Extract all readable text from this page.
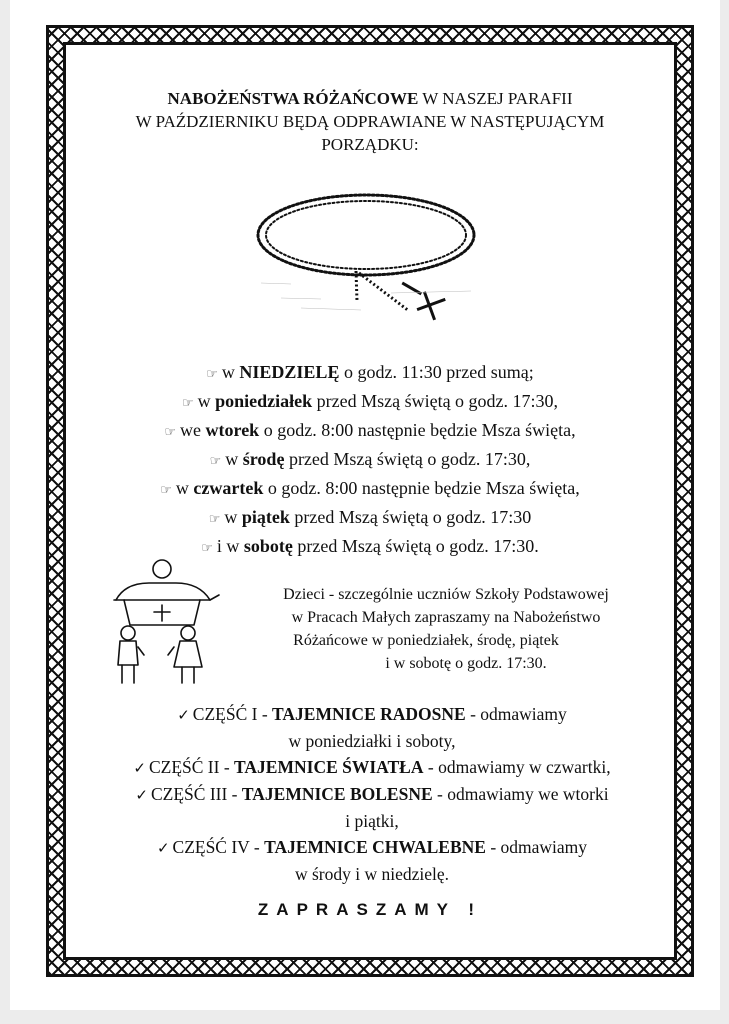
NABOŻEŃSTWA RÓŻAŃCOWE W NASZEJ PARAFII
W PAŹDZIERNIKU BĘDĄ ODPRAWIANE W NASTĘPUJĄCYM
PORZĄDKU:
☞ w NIEDZIELĘ o godz. 11:30 przed sumą;
☞ w poniedziałek przed Mszą świętą o godz. 17:30,
☞ we wtorek o godz. 8:00 następnie będzie Msza święta,
☞ w środę przed Mszą świętą o godz. 17:30,
☞ w czwartek o godz. 8:00 następnie będzie Msza święta,
☞ w piątek przed Mszą świętą o godz. 17:30
☞ i w sobotę przed Mszą świętą o godz. 17:30.
Dzieci - szczególnie uczniów Szkoły Podstawowej
w Pracach Małych zapraszamy na Nabożeństwo
Różańcowe w poniedziałek, środę, piątek
i w sobotę o godz. 17:30.
✓ CZĘŚĆ I - TAJEMNICE RADOSNE - odmawiamy
w poniedziałki i soboty,
✓ CZĘŚĆ II - TAJEMNICE ŚWIATŁA - odmawiamy w czwartki,
✓ CZĘŚĆ III - TAJEMNICE BOLESNE - odmawiamy we wtorki
i piątki,
✓ CZĘŚĆ IV - TAJEMNICE CHWALEBNE - odmawiamy
w środy i w niedzielę.
ZAPRASZAMY !
